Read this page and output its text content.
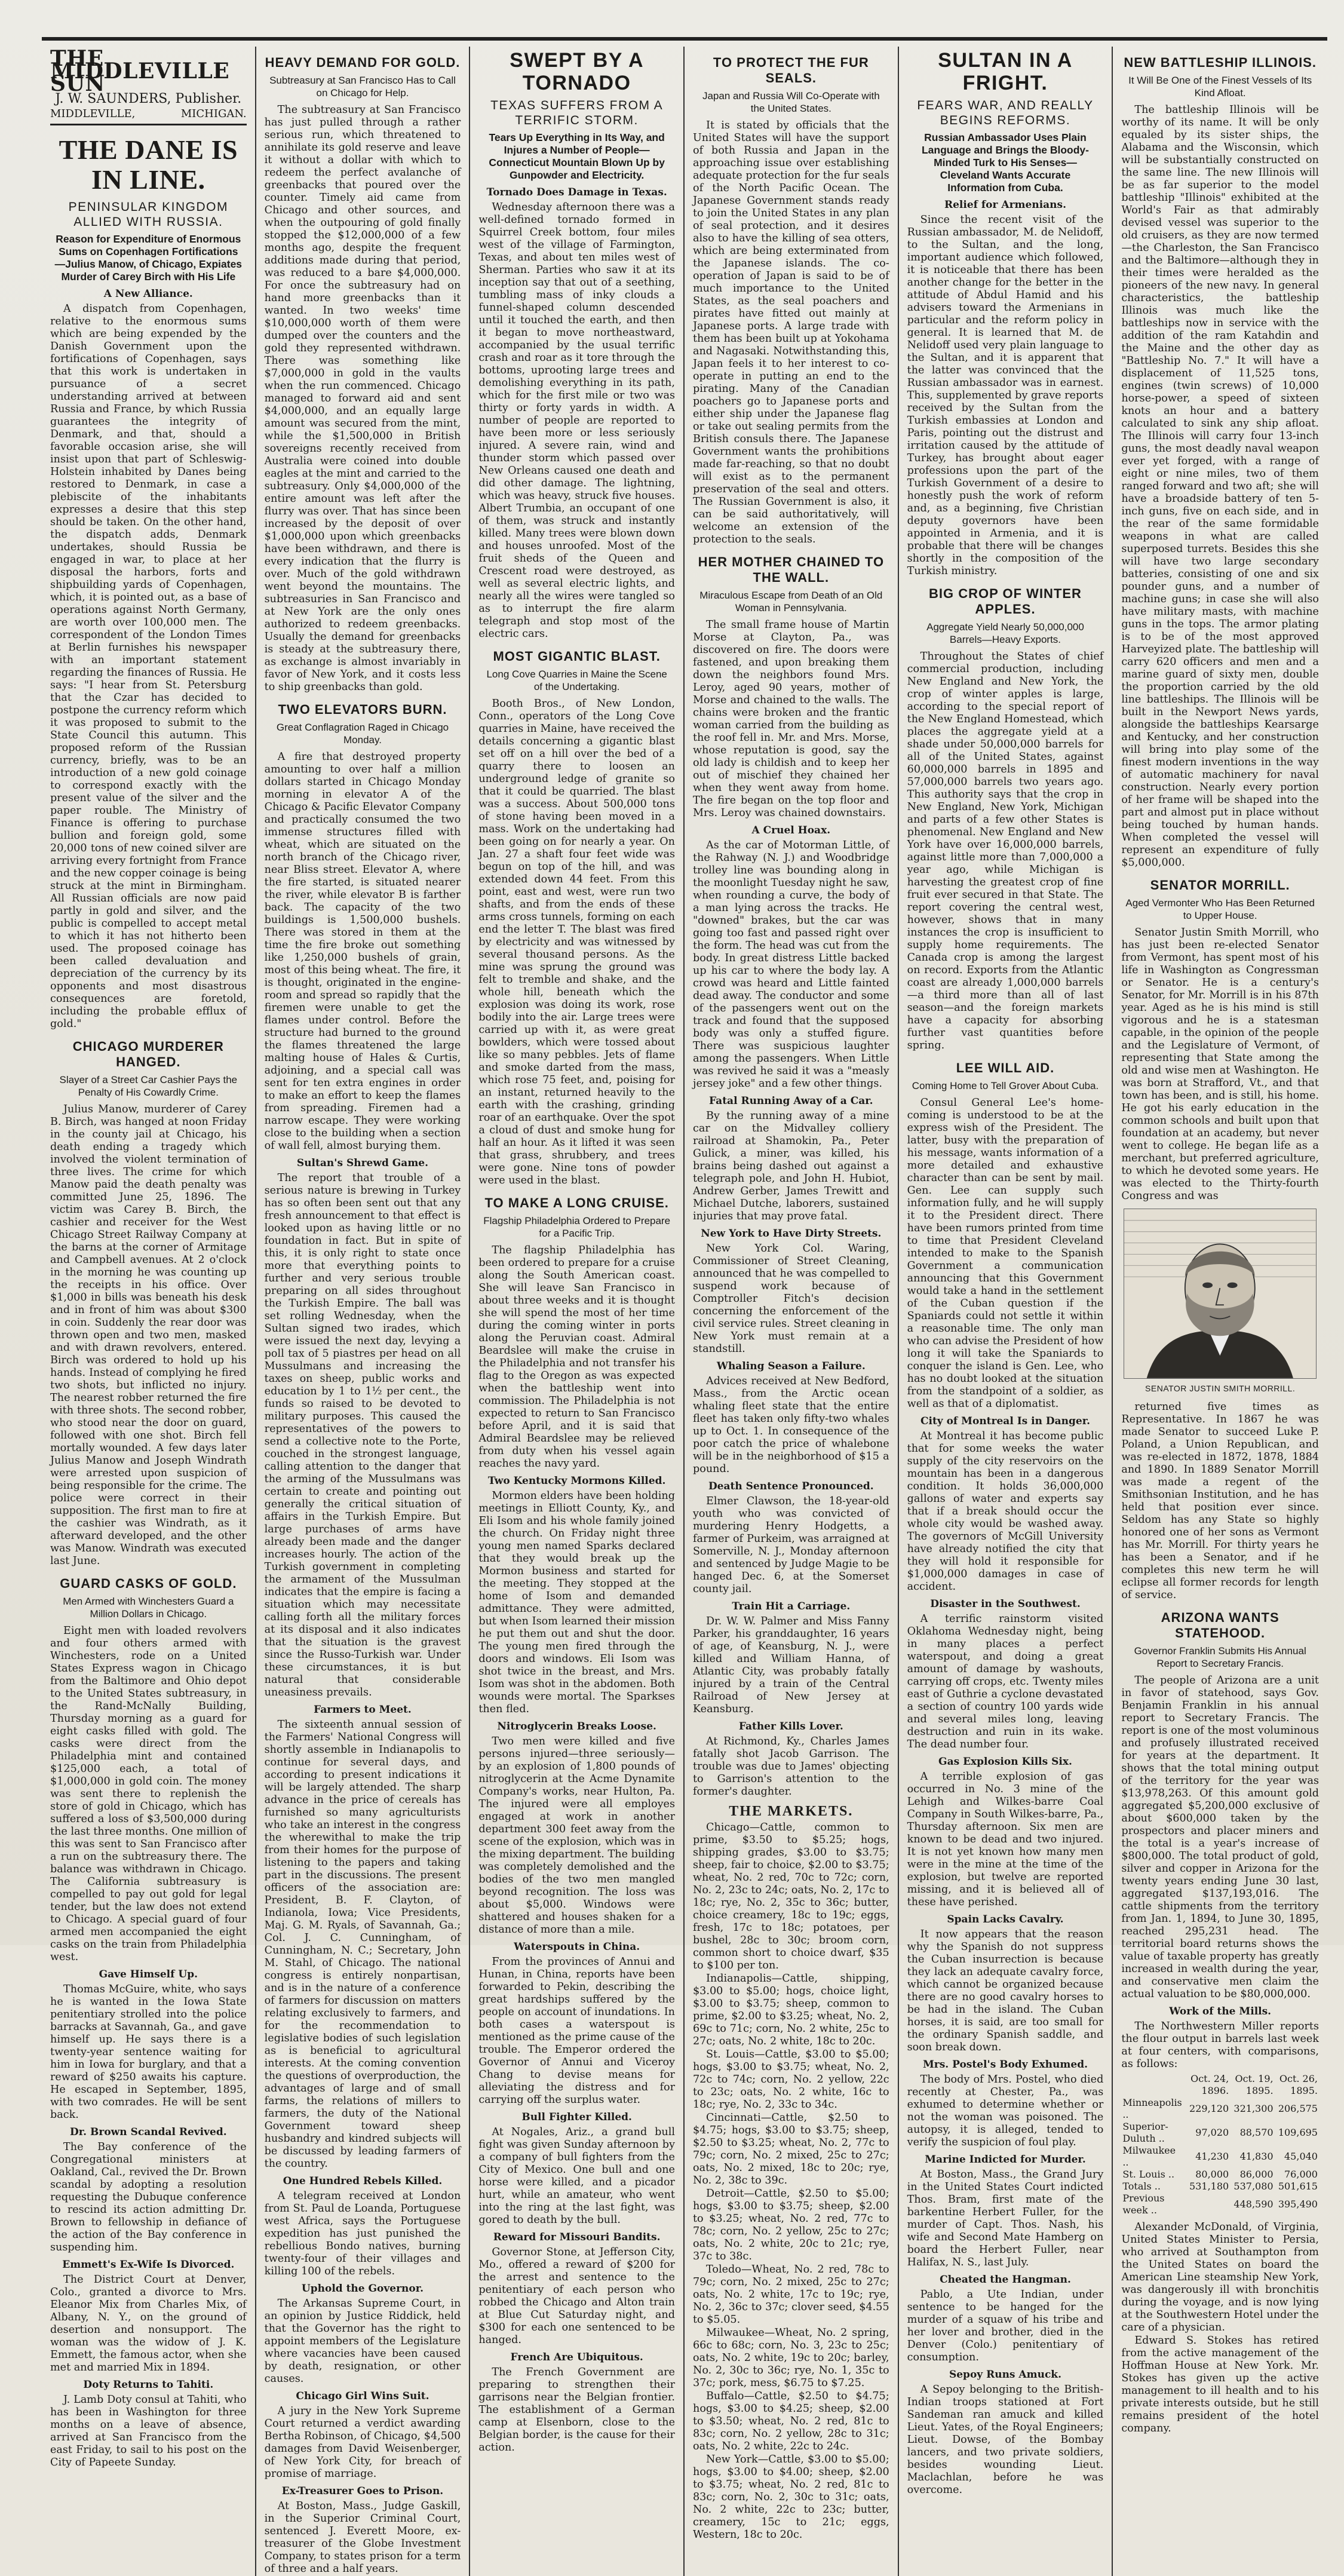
THE MIDDLEVILLE SUN
J. W. SAUNDERS, Publisher.
MIDDLEVILLE,	MICHIGAN.
THE DANE IS IN LINE.
PENINSULAR KINGDOM ALLIED WITH RUSSIA.
Reason for Expenditure of Enormous Sums on Copenhagen Fortifications—Julius Manow, of Chicago, Expiates Murder of Carey Birch with His Life
A New Alliance.

A dispatch from Copenhagen, relative to the enormous sums which are being expended by the Danish Government upon the fortifications of Copenhagen, says that this work is undertaken in pursuance of a secret understanding arrived at between Russia and France, by which Russia guarantees the integrity of Denmark, and that, should a favorable occasion arise, she will insist upon that part of Schleswig-Holstein inhabited by Danes being restored to Denmark, in case a plebiscite of the inhabitants expresses a desire that this step should be taken. On the other hand, the dispatch adds, Denmark undertakes, should Russia be engaged in war, to place at her disposal the harbors, forts and shipbuilding yards of Copenhagen, which, it is pointed out, as a base of operations against North Germany, are worth over 100,000 men. The correspondent of the London Times at Berlin furnishes his newspaper with an important statement regarding the finances of Russia. He says: "I hear from St. Petersburg that the Czar has decided to postpone the currency reform which it was proposed to submit to the State Council this autumn. This proposed reform of the Russian currency, briefly, was to be an introduction of a new gold coinage to correspond exactly with the present value of the silver and the paper rouble. The Ministry of Finance is offering to purchase bullion and foreign gold, some 20,000 tons of new coined silver are arriving every fortnight from France and the new copper coinage is being struck at the mint in Birmingham. All Russian officials are now paid partly in gold and silver, and the public is compelled to accept metal to which it has not hitherto been used. The proposed coinage has been called devaluation and depreciation of the currency by its opponents and most disastrous consequences are foretold, including the probable efflux of gold."

CHICAGO MURDERER HANGED.
Slayer of a Street Car Cashier Pays the Penalty of His Cowardly Crime.

Julius Manow, murderer of Carey B. Birch, was hanged at noon Friday in the county jail at Chicago, his death ending a tragedy which involved the violent termination of three lives. The crime for which Manow paid the death penalty was committed June 25, 1896. The victim was Carey B. Birch, the cashier and receiver for the West Chicago Street Railway Company at the barns at the corner of Armitage and Campbell avenues. At 2 o'clock in the morning he was counting up the receipts in his office. Over $1,000 in bills was beneath his desk and in front of him was about $300 in coin. Suddenly the rear door was thrown open and two men, masked and with drawn revolvers, entered. Birch was ordered to hold up his hands. Instead of complying he fired two shots, but inflicted no injury. The nearest robber returned the fire with three shots. The second robber, who stood near the door on guard, followed with one shot. Birch fell mortally wounded. A few days later Julius Manow and Joseph Windrath were arrested upon suspicion of being responsible for the crime. The police were correct in their supposition. The first man to fire at the cashier was Windrath, as it afterward developed, and the other was Manow. Windrath was executed last June.

GUARD CASKS OF GOLD.
Men Armed with Winchesters Guard a Million Dollars in Chicago.

Eight men with loaded revolvers and four others armed with Winchesters, rode on a United States Express wagon in Chicago from the Baltimore and Ohio depot to the United States subtreasury, in the Rand-McNally Building, Thursday morning as a guard for eight casks filled with gold. The casks were direct from the Philadelphia mint and contained $125,000 each, a total of $1,000,000 in gold coin. The money was sent there to replenish the store of gold in Chicago, which has suffered a loss of $3,500,000 during the last three months. One million of this was sent to San Francisco after a run on the subtreasury there. The balance was withdrawn in Chicago. The California subtreasury is compelled to pay out gold for legal tender, but the law does not extend to Chicago. A special guard of four armed men accompanied the eight casks on the train from Philadelphia west.

Gave Himself Up.

Thomas McGuire, white, who says he is wanted in the Iowa State penitentiary strolled into the police barracks at Savannah, Ga., and gave himself up. He says there is a twenty-year sentence waiting for him in Iowa for burglary, and that a reward of $250 awaits his capture. He escaped in September, 1895, with two comrades. He will be sent back.

Dr. Brown Scandal Revived.

The Bay conference of the Congregational ministers at Oakland, Cal., revived the Dr. Brown scandal by adopting a resolution requesting the Dubuque conference to rescind its action admitting Dr. Brown to fellowship in defiance of the action of the Bay conference in suspending him.

Emmett's Ex-Wife Is Divorced.

The District Court at Denver, Colo., granted a divorce to Mrs. Eleanor Mix from Charles Mix, of Albany, N. Y., on the ground of desertion and nonsupport. The woman was the widow of J. K. Emmett, the famous actor, when she met and married Mix in 1894.

Doty Returns to Tahiti.

J. Lamb Doty consul at Tahiti, who has been in Washington for three months on a leave of absence, arrived at San Francisco from the east Friday, to sail to his post on the City of Papeete Sunday.

HEAVY DEMAND FOR GOLD.
Subtreasury at San Francisco Has to Call on Chicago for Help.

The subtreasury at San Francisco has just pulled through a rather serious run, which threatened to annihilate its gold reserve and leave it without a dollar with which to redeem the perfect avalanche of greenbacks that poured over the counter. Timely aid came from Chicago and other sources, and when the outpouring of gold finally stopped the $12,000,000 of a few months ago, despite the frequent additions made during that period, was reduced to a bare $4,000,000. For once the subtreasury had on hand more greenbacks than it wanted. In two weeks' time $10,000,000 worth of them were dumped over the counters and the gold they represented withdrawn. There was something like $7,000,000 in gold in the vaults when the run commenced. Chicago managed to forward aid and sent $4,000,000, and an equally large amount was secured from the mint, while the $1,500,000 in British sovereigns recently received from Australia were coined into double eagles at the mint and carried to the subtreasury. Only $4,000,000 of the entire amount was left after the flurry was over. That has since been increased by the deposit of over $1,000,000 upon which greenbacks have been withdrawn, and there is every indication that the flurry is over. Much of the gold withdrawn went beyond the mountains. The subtreasuries in San Francisco and at New York are the only ones authorized to redeem greenbacks. Usually the demand for greenbacks is steady at the subtreasury there, as exchange is almost invariably in favor of New York, and it costs less to ship greenbacks than gold.

TWO ELEVATORS BURN.
Great Conflagration Raged in Chicago Monday.

A fire that destroyed property amounting to over half a million dollars started in Chicago Monday morning in elevator A of the Chicago & Pacific Elevator Company and practically consumed the two immense structures filled with wheat, which are situated on the north branch of the Chicago river, near Bliss street. Elevator A, where the fire started, is situated nearer the river, while elevator B is farther back. The capacity of the two buildings is 1,500,000 bushels. There was stored in them at the time the fire broke out something like 1,250,000 bushels of grain, most of this being wheat. The fire, it is thought, originated in the engine-room and spread so rapidly that the firemen were unable to get the flames under control. Before the structure had burned to the ground the flames threatened the large malting house of Hales & Curtis, adjoining, and a special call was sent for ten extra engines in order to make an effort to keep the flames from spreading. Firemen had a narrow escape. They were working close to the building when a section of wall fell, almost burying them.

Sultan's Shrewd Game.

The report that trouble of a serious nature is brewing in Turkey has so often been sent out that any fresh announcement to that effect is looked upon as having little or no foundation in fact. But in spite of this, it is only right to state once more that everything points to further and very serious trouble preparing on all sides throughout the Turkish Empire. The ball was set rolling Wednesday, when the Sultan signed two irades, which were issued the next day, levying a poll tax of 5 piastres per head on all Mussulmans and increasing the taxes on sheep, public works and education by 1 to 1½ per cent., the funds so raised to be devoted to military purposes. This caused the representatives of the powers to send a collective note to the Porte, couched in the strongest language, calling attention to the danger that the arming of the Mussulmans was certain to create and pointing out generally the critical situation of affairs in the Turkish Empire. But large purchases of arms have already been made and the danger increases hourly. The action of the Turkish government in completing the armament of the Mussulman indicates that the empire is facing a situation which may necessitate calling forth all the military forces at its disposal and it also indicates that the situation is the gravest since the Russo-Turkish war. Under these circumstances, it is but natural that considerable uneasiness prevails.

Farmers to Meet.

The sixteenth annual session of the Farmers' National Congress will shortly assemble in Indianapolis to continue for several days, and according to present indications it will be largely attended. The sharp advance in the price of cereals has furnished so many agriculturists who take an interest in the congress the wherewithal to make the trip from their homes for the purpose of listening to the papers and taking part in the discussions. The present officers of the association are: President, B. F. Clayton, of Indianola, Iowa; Vice Presidents, Maj. G. M. Ryals, of Savannah, Ga.; Col. J. C. Cunningham, of Cunningham, N. C.; Secretary, John M. Stahl, of Chicago. The national congress is entirely nonpartisan, and is in the nature of a conference of farmers for discussion on matters relating exclusively to farmers, and for the recommendation to legislative bodies of such legislation as is beneficial to agricultural interests. At the coming convention the questions of overproduction, the advantages of large and of small farms, the relations of millers to farmers, the duty of the National Government toward sheep husbandry and kindred subjects will be discussed by leading farmers of the country.

One Hundred Rebels Killed.

A telegram received at London from St. Paul de Loanda, Portuguese west Africa, says the Portuguese expedition has just punished the rebellious Bondo natives, burning twenty-four of their villages and killing 100 of the rebels.

Uphold the Governor.

The Arkansas Supreme Court, in an opinion by Justice Riddick, held that the Governor has the right to appoint members of the Legislature where vacancies have been caused by death, resignation, or other causes.

Chicago Girl Wins Suit.

A jury in the New York Supreme Court returned a verdict awarding Bertha Robinson, of Chicago, $4,500 damages from David Weisenberger, of New York City, for breach of promise of marriage.

Ex-Treasurer Goes to Prison.

At Boston, Mass., Judge Gaskill, in the Superior Criminal Court, sentenced J. Everett Moore, ex-treasurer of the Globe Investment Company, to states prison for a term of three and a half years.

SWEPT BY A TORNADO
TEXAS SUFFERS FROM A TERRIFIC STORM.
Tears Up Everything in Its Way, and Injures a Number of People—Connecticut Mountain Blown Up by Gunpowder and Electricity.
Tornado Does Damage in Texas.

Wednesday afternoon there was a well-defined tornado formed in Squirrel Creek bottom, four miles west of the village of Farmington, Texas, and about ten miles west of Sherman. Parties who saw it at its inception say that out of a seething, tumbling mass of inky clouds a funnel-shaped column descended until it touched the earth, and then it began to move northeastward, accompanied by the usual terrific crash and roar as it tore through the bottoms, uprooting large trees and demolishing everything in its path, which for the first mile or two was thirty or forty yards in width. A number of people are reported to have been more or less seriously injured. A severe rain, wind and thunder storm which passed over New Orleans caused one death and did other damage. The lightning, which was heavy, struck five houses. Albert Trumbia, an occupant of one of them, was struck and instantly killed. Many trees were blown down and houses unroofed. Most of the fruit sheds of the Queen and Crescent road were destroyed, as well as several electric lights, and nearly all the wires were tangled so as to interrupt the fire alarm telegraph and stop most of the electric cars.

MOST GIGANTIC BLAST.
Long Cove Quarries in Maine the Scene of the Undertaking.

Booth Bros., of New London, Conn., operators of the Long Cove quarries in Maine, have received the details concerning a gigantic blast set off on a hill over the bed of a quarry there to loosen an underground ledge of granite so that it could be quarried. The blast was a success. About 500,000 tons of stone having been moved in a mass. Work on the undertaking had been going on for nearly a year. On Jan. 27 a shaft four feet wide was begun on top of the hill, and was extended down 44 feet. From this point, east and west, were run two shafts, and from the ends of these arms cross tunnels, forming on each end the letter T. The blast was fired by electricity and was witnessed by several thousand persons. As the mine was sprung the ground was felt to tremble and shake, and the whole hill, beneath which the explosion was doing its work, rose bodily into the air. Large trees were carried up with it, as were great bowlders, which were tossed about like so many pebbles. Jets of flame and smoke darted from the mass, which rose 75 feet, and, poising for an instant, returned heavily to the earth with the crashing, grinding roar of an earthquake. Over the spot a cloud of dust and smoke hung for half an hour. As it lifted it was seen that grass, shrubbery, and trees were gone. Nine tons of powder were used in the blast.

TO MAKE A LONG CRUISE.
Flagship Philadelphia Ordered to Prepare for a Pacific Trip.

The flagship Philadelphia has been ordered to prepare for a cruise along the South American coast. She will leave San Francisco in about three weeks and it is thought she will spend the most of her time during the coming winter in ports along the Peruvian coast. Admiral Beardslee will make the cruise in the Philadelphia and not transfer his flag to the Oregon as was expected when the battleship went into commission. The Philadelphia is not expected to return to San Francisco before April, and it is said that Admiral Beardslee may be relieved from duty when his vessel again reaches the navy yard.

Two Kentucky Mormons Killed.

Mormon elders have been holding meetings in Elliott County, Ky., and Eli Isom and his whole family joined the church. On Friday night three young men named Sparks declared that they would break up the Mormon business and started for the meeting. They stopped at the home of Isom and demanded admittance. They were admitted, but when Isom learned their mission he put them out and shut the door. The young men fired through the doors and windows. Eli Isom was shot twice in the breast, and Mrs. Isom was shot in the abdomen. Both wounds were mortal. The Sparkses then fled.

Nitroglycerin Breaks Loose.

Two men were killed and five persons injured—three seriously—by an explosion of 1,800 pounds of nitroglycerin at the Acme Dynamite Company's works, near Hulton, Pa. The injured were all employes engaged at work in another department 300 feet away from the scene of the explosion, which was in the mixing department. The building was completely demolished and the bodies of the two men mangled beyond recognition. The loss was about $5,000. Windows were shattered and houses shaken for a distance of more than a mile.

Waterspouts in China.

From the provinces of Annui and Hunan, in China, reports have been forwarded to Pekin, describing the great hardships suffered by the people on account of inundations. In both cases a waterspout is mentioned as the prime cause of the trouble. The Emperor ordered the Governor of Annui and Viceroy Chang to devise means for alleviating the distress and for carrying off the surplus water.

Bull Fighter Killed.

At Nogales, Ariz., a grand bull fight was given Sunday afternoon by a company of bull fighters from the City of Mexico. One bull and one horse were killed, and a picador hurt, while an amateur, who went into the ring at the last fight, was gored to death by the bull.

Reward for Missouri Bandits.

Governor Stone, at Jefferson City, Mo., offered a reward of $200 for the arrest and sentence to the penitentiary of each person who robbed the Chicago and Alton train at Blue Cut Saturday night, and $300 for each one sentenced to be hanged.

French Are Ubiquitous.

The French Government are preparing to strengthen their garrisons near the Belgian frontier. The establishment of a German camp at Elsenborn, close to the Belgian border, is the cause for their action.

TO PROTECT THE FUR SEALS.
Japan and Russia Will Co-Operate with the United States.

It is stated by officials that the United States will have the support of both Russia and Japan in the approaching issue over establishing adequate protection for the fur seals of the North Pacific Ocean. The Japanese Government stands ready to join the United States in any plan of seal protection, and it desires also to have the killing of sea otters, which are being exterminated from the Japanese islands. The co-operation of Japan is said to be of much importance to the United States, as the seal poachers and pirates have fitted out mainly at Japanese ports. A large trade with them has been built up at Yokohama and Nagasaki. Notwithstanding this, Japan feels it to her interest to co-operate in putting an end to the pirating. Many of the Canadian poachers go to Japanese ports and either ship under the Japanese flag or take out sealing permits from the British consuls there. The Japanese Government wants the prohibitions made far-reaching, so that no doubt will exist as to the permanent preservation of the seal and otters. The Russian Government is also, it can be said authoritatively, will welcome an extension of the protection to the seals.

HER MOTHER CHAINED TO THE WALL.
Miraculous Escape from Death of an Old Woman in Pennsylvania.

The small frame house of Martin Morse at Clayton, Pa., was discovered on fire. The doors were fastened, and upon breaking them down the neighbors found Mrs. Leroy, aged 90 years, mother of Morse and chained to the walls. The chains were broken and the frantic woman carried from the building as the roof fell in. Mr. and Mrs. Morse, whose reputation is good, say the old lady is childish and to keep her out of mischief they chained her when they went away from home. The fire began on the top floor and Mrs. Leroy was chained downstairs.

A Cruel Hoax.

As the car of Motorman Little, of the Rahway (N. J.) and Woodbridge trolley line was bounding along in the moonlight Tuesday night he saw, when rounding a curve, the body of a man lying across the tracks. He "downed" brakes, but the car was going too fast and passed right over the form. The head was cut from the body. In great distress Little backed up his car to where the body lay. A crowd was heard and Little fainted dead away. The conductor and some of the passengers went out on the track and found that the supposed body was only a stuffed figure. There was suspicious laughter among the passengers. When Little was revived he said it was a "measly jersey joke" and a few other things.

Fatal Running Away of a Car.

By the running away of a mine car on the Midvalley colliery railroad at Shamokin, Pa., Peter Gulick, a miner, was killed, his brains being dashed out against a telegraph pole, and John H. Hubiot, Andrew Gerber, James Trewitt and Michael Dutche, laborers, sustained injuries that may prove fatal.

New York to Have Dirty Streets.

New York Col. Waring, Commissioner of Street Cleaning, announced that he was compelled to suspend work because of Comptroller Fitch's decision concerning the enforcement of the civil service rules. Street cleaning in New York must remain at a standstill.

Whaling Season a Failure.

Advices received at New Bedford, Mass., from the Arctic ocean whaling fleet state that the entire fleet has taken only fifty-two whales up to Oct. 1. In consequence of the poor catch the price of whalebone will be in the neighborhood of $15 a pound.

Death Sentence Pronounced.

Elmer Clawson, the 18-year-old youth who was convicted of murdering Henry Hodgetts, a farmer of Purkeim, was arraigned at Somerville, N. J., Monday afternoon and sentenced by Judge Magie to be hanged Dec. 6, at the Somerset county jail.

Train Hit a Carriage.

Dr. W. W. Palmer and Miss Fanny Parker, his granddaughter, 16 years of age, of Keansburg, N. J., were killed and William Hanna, of Atlantic City, was probably fatally injured by a train of the Central Railroad of New Jersey at Keansburg.

Father Kills Lover.

At Richmond, Ky., Charles James fatally shot Jacob Garrison. The trouble was due to James' objecting to Garrison's attention to the former's daughter.

THE MARKETS.

Chicago—Cattle, common to prime, $3.50 to $5.25; hogs, shipping grades, $3.00 to $3.75; sheep, fair to choice, $2.00 to $3.75; wheat, No. 2 red, 70c to 72c; corn, No. 2, 23c to 24c; oats, No. 2, 17c to 18c; rye, No. 2, 35c to 36c; butter, choice creamery, 18c to 19c; eggs, fresh, 17c to 18c; potatoes, per bushel, 28c to 30c; broom corn, common short to choice dwarf, $35 to $100 per ton.

Indianapolis—Cattle, shipping, $3.00 to $5.00; hogs, choice light, $3.00 to $3.75; sheep, common to prime, $2.00 to $3.25; wheat, No. 2, 69c to 71c; corn, No. 2 white, 25c to 27c; oats, No. 2 white, 18c to 20c.

St. Louis—Cattle, $3.00 to $5.00; hogs, $3.00 to $3.75; wheat, No. 2, 72c to 74c; corn, No. 2 yellow, 22c to 23c; oats, No. 2 white, 16c to 18c; rye, No. 2, 33c to 34c.

Cincinnati—Cattle, $2.50 to $4.75; hogs, $3.00 to $3.75; sheep, $2.50 to $3.25; wheat, No. 2, 77c to 79c; corn, No. 2 mixed, 25c to 27c; oats, No. 2 mixed, 18c to 20c; rye, No. 2, 38c to 39c.

Detroit—Cattle, $2.50 to $5.00; hogs, $3.00 to $3.75; sheep, $2.00 to $3.25; wheat, No. 2 red, 77c to 78c; corn, No. 2 yellow, 25c to 27c; oats, No. 2 white, 20c to 21c; rye, 37c to 38c.

Toledo—Wheat, No. 2 red, 78c to 79c; corn, No. 2 mixed, 25c to 27c; oats, No. 2 white, 17c to 19c; rye, No. 2, 36c to 37c; clover seed, $4.55 to $5.05.

Milwaukee—Wheat, No. 2 spring, 66c to 68c; corn, No. 3, 23c to 25c; oats, No. 2 white, 19c to 20c; barley, No. 2, 30c to 36c; rye, No. 1, 35c to 37c; pork, mess, $6.75 to $7.25.

Buffalo—Cattle, $2.50 to $4.75; hogs, $3.00 to $4.25; sheep, $2.00 to $3.50; wheat, No. 2 red, 81c to 83c; corn, No. 2 yellow, 28c to 31c; oats, No. 2 white, 22c to 24c.

New York—Cattle, $3.00 to $5.00; hogs, $3.00 to $4.00; sheep, $2.00 to $3.75; wheat, No. 2 red, 81c to 83c; corn, No. 2, 30c to 31c; oats, No. 2 white, 22c to 23c; butter, creamery, 15c to 21c; eggs, Western, 18c to 20c.

SULTAN IN A FRIGHT.
FEARS WAR, AND REALLY BEGINS REFORMS.
Russian Ambassador Uses Plain Language and Brings the Bloody-Minded Turk to His Senses—Cleveland Wants Accurate Information from Cuba.
Relief for Armenians.

Since the recent visit of the Russian ambassador, M. de Nelidoff, to the Sultan, and the long, important audience which followed, it is noticeable that there has been another change for the better in the attitude of Abdul Hamid and his advisers toward the Armenians in particular and the reform policy in general. It is learned that M. de Nelidoff used very plain language to the Sultan, and it is apparent that the latter was convinced that the Russian ambassador was in earnest. This, supplemented by grave reports received by the Sultan from the Turkish embassies at London and Paris, pointing out the distrust and irritation caused by the attitude of Turkey, has brought about eager professions upon the part of the Turkish Government of a desire to honestly push the work of reform and, as a beginning, five Christian deputy governors have been appointed in Armenia, and it is probable that there will be changes shortly in the composition of the Turkish ministry.

BIG CROP OF WINTER APPLES.
Aggregate Yield Nearly 50,000,000 Barrels—Heavy Exports.

Throughout the States of chief commercial production, including New England and New York, the crop of winter apples is large, according to the special report of the New England Homestead, which places the aggregate yield at a shade under 50,000,000 barrels for all of the United States, against 60,000,000 barrels in 1895 and 57,000,000 barrels two years ago. This authority says that the crop in New England, New York, Michigan and parts of a few other States is phenomenal. New England and New York have over 16,000,000 barrels, against little more than 7,000,000 a year ago, while Michigan is harvesting the greatest crop of fine fruit ever secured in that State. The report covering the central west, however, shows that in many instances the crop is insufficient to supply home requirements. The Canada crop is among the largest on record. Exports from the Atlantic coast are already 1,000,000 barrels—a third more than all of last season—and the foreign markets have a capacity for absorbing further vast quantities before spring.

LEE WILL AID.
Coming Home to Tell Grover About Cuba.

Consul General Lee's home-coming is understood to be at the express wish of the President. The latter, busy with the preparation of his message, wants information of a more detailed and exhaustive character than can be sent by mail. Gen. Lee can supply such information fully, and he will supply it to the President direct. There have been rumors printed from time to time that President Cleveland intended to make to the Spanish Government a communication announcing that this Government would take a hand in the settlement of the Cuban question if the Spaniards could not settle it within a reasonable time. The only man who can advise the President of how long it will take the Spaniards to conquer the island is Gen. Lee, who has no doubt looked at the situation from the standpoint of a soldier, as well as that of a diplomatist.

City of Montreal Is in Danger.

At Montreal it has become public that for some weeks the water supply of the city reservoirs on the mountain has been in a dangerous condition. It holds 36,000,000 gallons of water and experts say that if a break should occur the whole city would be washed away. The governors of McGill University have already notified the city that they will hold it responsible for $1,000,000 damages in case of accident.

Disaster in the Southwest.

A terrific rainstorm visited Oklahoma Wednesday night, being in many places a perfect waterspout, and doing a great amount of damage by washouts, carrying off crops, etc. Twenty miles east of Guthrie a cyclone devastated a section of country 100 yards wide and several miles long, leaving destruction and ruin in its wake. The dead number four.

Gas Explosion Kills Six.

A terrible explosion of gas occurred in No. 3 mine of the Lehigh and Wilkes-barre Coal Company in South Wilkes-barre, Pa., Thursday afternoon. Six men are known to be dead and two injured. It is not yet known how many men were in the mine at the time of the explosion, but twelve are reported missing, and it is believed all of these have perished.

Spain Lacks Cavalry.

It now appears that the reason why the Spanish do not suppress the Cuban insurrection is because they lack an adequate cavalry force, which cannot be organized because there are no good cavalry horses to be had in the island. The Cuban horses, it is said, are too small for the ordinary Spanish saddle, and soon break down.

Mrs. Postel's Body Exhumed.

The body of Mrs. Postel, who died recently at Chester, Pa., was exhumed to determine whether or not the woman was poisoned. The autopsy, it is alleged, tended to verify the suspicion of foul play.

Marine Indicted for Murder.

At Boston, Mass., the Grand Jury in the United States Court indicted Thos. Bram, first mate of the barkentine Herbert Fuller, for the murder of Capt. Thos. Nash, his wife and Second Mate Hamberg on board the Herbert Fuller, near Halifax, N. S., last July.

Cheated the Hangman.

Pablo, a Ute Indian, under sentence to be hanged for the murder of a squaw of his tribe and her lover and brother, died in the Denver (Colo.) penitentiary of consumption.

Sepoy Runs Amuck.

A Sepoy belonging to the British-Indian troops stationed at Fort Sandeman ran amuck and killed Lieut. Yates, of the Royal Engineers; Lieut. Dowse, of the Bombay lancers, and two private soldiers, besides wounding Lieut. Maclachlan, before he was overcome.

NEW BATTLESHIP ILLINOIS.
It Will Be One of the Finest Vessels of Its Kind Afloat.

The battleship Illinois will be worthy of its name. It will be only equaled by its sister ships, the Alabama and the Wisconsin, which will be substantially constructed on the same line. The new Illinois will be as far superior to the model battleship "Illinois" exhibited at the World's Fair as that admirably devised vessel was superior to the old cruisers, as they are now termed—the Charleston, the San Francisco and the Baltimore—although they in their times were heralded as the pioneers of the new navy. In general characteristics, the battleship Illinois was much like the battleships now in service with the addition of the ram Katahdin and the Maine and the other day as "Battleship No. 7." It will have a displacement of 11,525 tons, engines (twin screws) of 10,000 horse-power, a speed of sixteen knots an hour and a battery calculated to sink any ship afloat. The Illinois will carry four 13-inch guns, the most deadly naval weapon ever yet forged, with a range of eight or nine miles, two of them ranged forward and two aft; she will have a broadside battery of ten 5-inch guns, five on each side, and in the rear of the same formidable weapons in what are called superposed turrets. Besides this she will have two large secondary batteries, consisting of one and six pounder guns, and a number of machine guns; in case she will also have military masts, with machine guns in the tops. The armor plating is to be of the most approved Harveyized plate. The battleship will carry 620 officers and men and a marine guard of sixty men, double the proportion carried by the old line battleships. The Illinois will be built in the Newport News yards, alongside the battleships Kearsarge and Kentucky, and her construction will bring into play some of the finest modern inventions in the way of automatic machinery for naval construction. Nearly every portion of her frame will be shaped into the part and almost put in place without being touched by human hands. When completed the vessel will represent an expenditure of fully $5,000,000.

SENATOR MORRILL.
Aged Vermonter Who Has Been Returned to Upper House.

Senator Justin Smith Morrill, who has just been re-elected Senator from Vermont, has spent most of his life in Washington as Congressman or Senator. He is a century's Senator, for Mr. Morrill is in his 87th year. Aged as he is his mind is still vigorous and he is a statesman capable, in the opinion of the people and the Legislature of Vermont, of representing that State among the old and wise men at Washington. He was born at Strafford, Vt., and that town has been, and is still, his home. He got his early education in the common schools and built upon that foundation at an academy, but never went to college. He began life as a merchant, but preferred agriculture, to which he devoted some years. He was elected to the Thirty-fourth Congress and was

SENATOR JUSTIN SMITH MORRILL.

returned five times as Representative. In 1867 he was made Senator to succeed Luke P. Poland, a Union Republican, and was re-elected in 1872, 1878, 1884 and 1890. In 1889 Senator Morrill was made a regent of the Smithsonian Institution, and he has held that position ever since. Seldom has any State so highly honored one of her sons as Vermont has Mr. Morrill. For thirty years he has been a Senator, and if he completes this new term he will eclipse all former records for length of service.

ARIZONA WANTS STATEHOOD.
Governor Franklin Submits His Annual Report to Secretary Francis.

The people of Arizona are a unit in favor of statehood, says Gov. Benjamin Franklin in his annual report to Secretary Francis. The report is one of the most voluminous and profusely illustrated received for years at the department. It shows that the total mining output of the territory for the year was $13,978,263. Of this amount gold aggregated $5,200,000 exclusive of about $600,000 taken by the prospectors and placer miners and the total is a year's increase of $800,000. The total product of gold, silver and copper in Arizona for the twenty years ending June 30 last, aggregated $137,193,016. The cattle shipments from the territory from Jan. 1, 1894, to June 30, 1895, reached 295,231 head. The territorial board returns shows the value of taxable property has greatly increased in wealth during the year, and conservative men claim the actual valuation to be $80,000,000.

Work of the Mills.

The Northwestern Miller reports the flour output in barrels last week at four centers, with comparisons, as follows:

	Oct. 24, 1896.	Oct. 19, 1895.	Oct. 26, 1895.
Minneapolis ..	229,120	321,300	206,575
Superior-Duluth ..	97,020	88,570	109,695
Milwaukee ..	41,230	41,830	45,040
St. Louis ..	80,000	86,000	76,000
Totals ..	531,180	537,080	501,615
Previous week ..		448,590	395,490

Alexander McDonald, of Virginia, United States Minister to Persia, who arrived at Southampton from the United States on board the American Line steamship New York, was dangerously ill with bronchitis during the voyage, and is now lying at the Southwestern Hotel under the care of a physician.

Edward S. Stokes has retired from the active management of the Hoffman House at New York. Mr. Stokes has given up the active management to ill health and to his private interests outside, but he still remains president of the hotel company.
